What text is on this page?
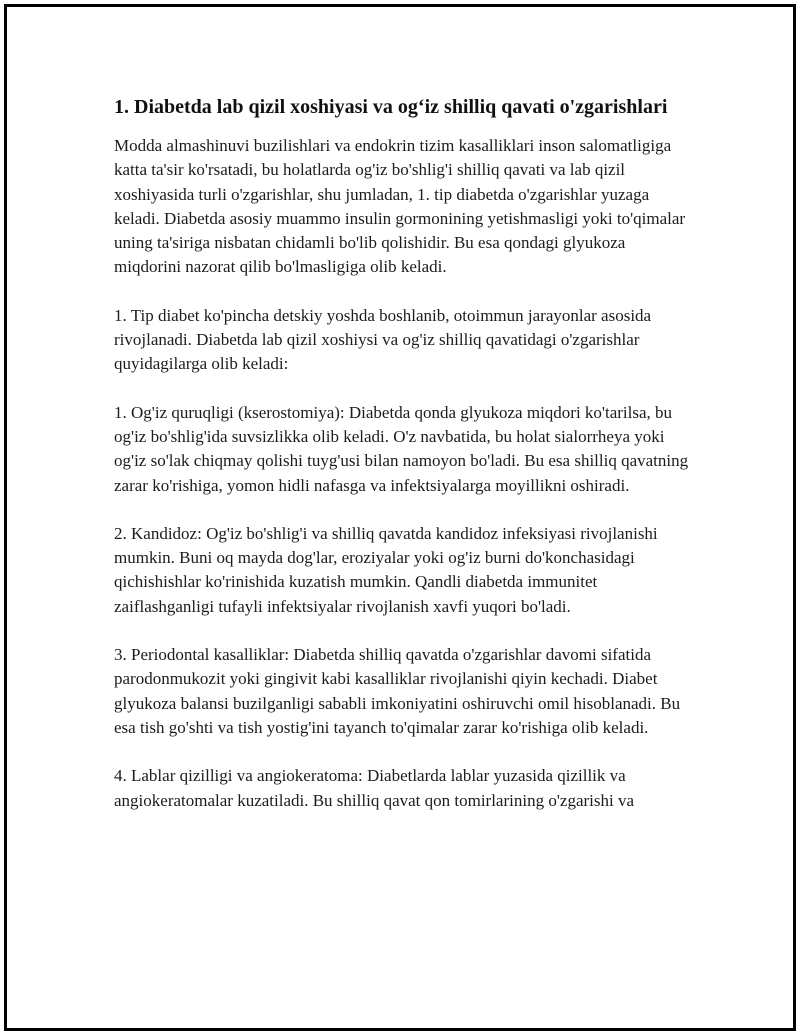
1. Diabetda lab qizil xoshiyasi va og‘iz shilliq qavati o'zgarishlari

Modda almashinuvi buzilishlari va endokrin tizim kasalliklari inson salomatligiga katta ta'sir ko'rsatadi, bu holatlarda og'iz bo'shlig'i shilliq qavati va lab qizil xoshiyasida turli o'zgarishlar, shu jumladan, 1. tip diabetda o'zgarishlar yuzaga keladi. Diabetda asosiy muammo insulin gormonining yetishmasligi yoki to'qimalar uning ta'siriga nisbatan chidamli bo'lib qolishidir. Bu esa qondagi glyukoza miqdorini nazorat qilib bo'lmasligiga olib keladi.

1. Tip diabet ko'pincha detskiy yoshda boshlanib, otoimmun jarayonlar asosida rivojlanadi. Diabetda lab qizil xoshiysi va og'iz shilliq qavatidagi o'zgarishlar quyidagilarga olib keladi:

1. Og'iz quruqligi (kserostomiya): Diabetda qonda glyukoza miqdori ko'tarilsa, bu og'iz bo'shlig'ida suvsizlikka olib keladi. O'z navbatida, bu holat sialorrheya yoki og'iz so'lak chiqmay qolishi tuyg'usi bilan namoyon bo'ladi. Bu esa shilliq qavatning zarar ko'rishiga, yomon hidli nafasga va infektsiyalarga moyillikni oshiradi.

2. Kandidoz: Og'iz bo'shlig'i va shilliq qavatda kandidoz infeksiyasi rivojlanishi mumkin. Buni oq mayda dog'lar, eroziyalar yoki og'iz burni do'konchasidagi qichishishlar ko'rinishida kuzatish mumkin. Qandli diabetda immunitet zaiflashganligi tufayli infektsiyalar rivojlanish xavfi yuqori bo'ladi.

3. Periodontal kasalliklar: Diabetda shilliq qavatda o'zgarishlar davomi sifatida parodonmukozit yoki gingivit kabi kasalliklar rivojlanishi qiyin kechadi. Diabet glyukoza balansi buzilganligi sababli imkoniyatini oshiruvchi omil hisoblanadi. Bu esa tish go'shti va tish yostig'ini tayanch to'qimalar zarar ko'rishiga olib keladi.

4. Lablar qizilligi va angiokeratoma: Diabetlarda lablar yuzasida qizillik va angiokeratomalar kuzatiladi. Bu shilliq qavat qon tomirlarining o'zgarishi va
